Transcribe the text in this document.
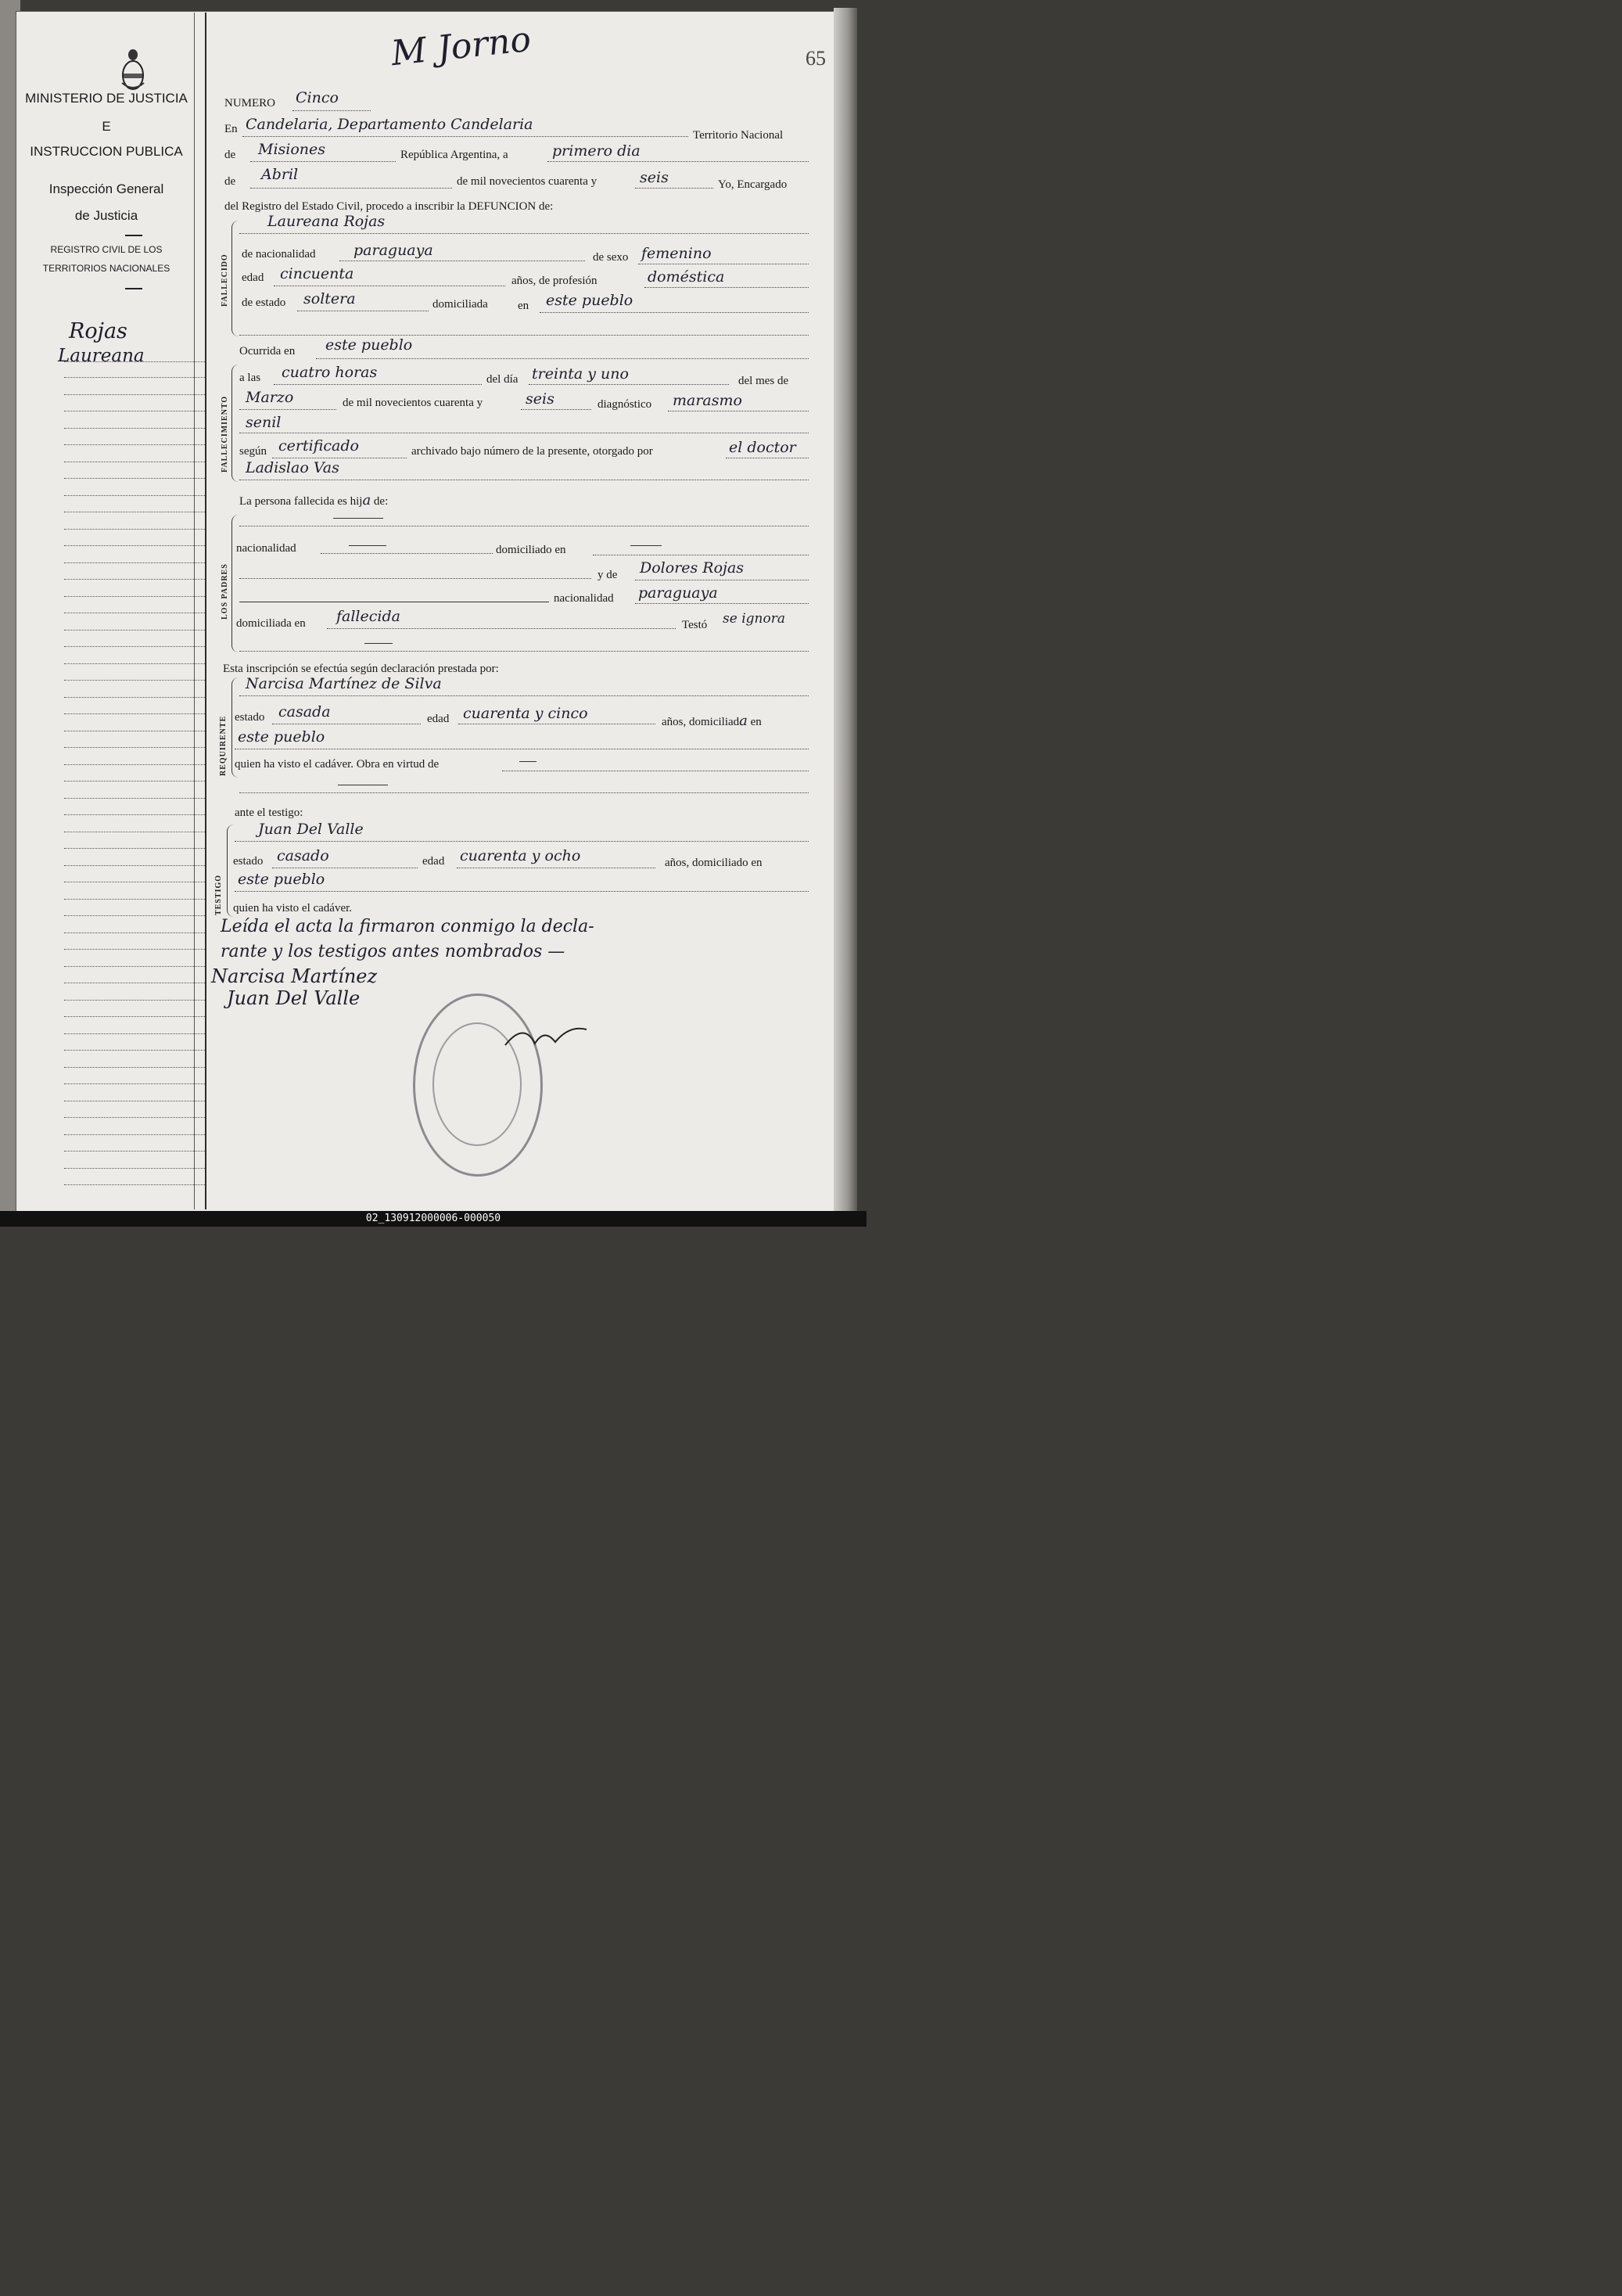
MINISTERIO DE JUSTICIA
E
INSTRUCCION PUBLICA
Inspección General
de Justicia
REGISTRO CIVIL DE LOS
TERRITORIOS NACIONALES
Rojas
Laureana
65
M Jorno
NUMERO Cinco
En Candelaria, Departamento Candelaria
Territorio Nacional
de Misiones	República Argentina, a	primero dia
de Abril	de mil novecientos cuarenta y	seis	Yo, Encargado
del Registro del Estado Civil, procedo a inscribir la DEFUNCION de:
FALLECIDO
Laureana Rojas
de nacionalidad	paraguaya	de sexo femenino
edad cincuenta	años, de profesión	doméstica
de estado soltera	domiciliada	en este pueblo
Ocurrida en este pueblo
FALLECIMIENTO
a las cuatro horas	del día treinta y uno	del mes de
Marzo	de mil novecientos cuarenta y	seis	diagnóstico marasmo
senil
según certificado	archivado bajo número de la presente, otorgado por	el doctor
Ladislao Vas
La persona fallecida es hija de:
LOS PADRES
nacionalidad	domiciliado en
y de Dolores Rojas
nacionalidad paraguaya
domiciliada en fallecida	Testó se ignora
Esta inscripción se efectúa según declaración prestada por:
REQUIRENTE
Narcisa Martínez de Silva
estado casada	edad cuarenta y cinco	años, domiciliada en
este pueblo
quien ha visto el cadáver. Obra en virtud de
ante el testigo:
TESTIGO
Juan Del Valle
estado casado	edad cuarenta y ocho	años, domiciliado en
este pueblo
quien ha visto el cadáver.
Leída el acta la firmaron conmigo la decla-
rante y los testigos antes nombrados —
Narcisa Martínez
Juan Del Valle
02_130912000006-000050
